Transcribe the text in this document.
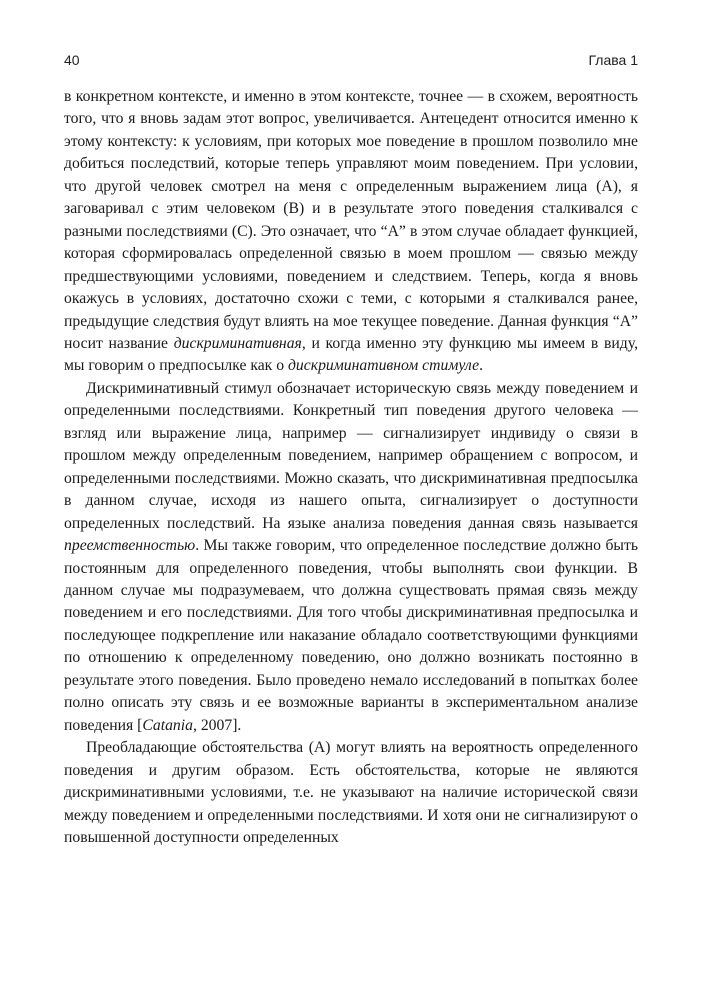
40	Глава 1

в конкретном контексте, и именно в этом контексте, точнее — в схожем, вероятность того, что я вновь задам этот вопрос, увеличивается. Антецедент относится именно к этому контексту: к условиям, при которых мое поведение в прошлом позволило мне добиться последствий, которые теперь управляют моим поведением. При условии, что другой человек смотрел на меня с определенным выражением лица (А), я заговаривал с этим человеком (В) и в результате этого поведения сталкивался с разными последствиями (С). Это означает, что “А” в этом случае обладает функцией, которая сформировалась определенной связью в моем прошлом — связью между предшествующими условиями, поведением и следствием. Теперь, когда я вновь окажусь в условиях, достаточно схожи с теми, с которыми я сталкивался ранее, предыдущие следствия будут влиять на мое текущее поведение. Данная функция “А” носит название дискриминативная, и когда именно эту функцию мы имеем в виду, мы говорим о предпосылке как о дискриминативном стимуле.

Дискриминативный стимул обозначает историческую связь между поведением и определенными последствиями. Конкретный тип поведения другого человека — взгляд или выражение лица, например — сигнализирует индивиду о связи в прошлом между определенным поведением, например обращением с вопросом, и определенными последствиями. Можно сказать, что дискриминативная предпосылка в данном случае, исходя из нашего опыта, сигнализирует о доступности определенных последствий. На языке анализа поведения данная связь называется преемственностью. Мы также говорим, что определенное последствие должно быть постоянным для определенного поведения, чтобы выполнять свои функции. В данном случае мы подразумеваем, что должна существовать прямая связь между поведением и его последствиями. Для того чтобы дискриминативная предпосылка и последующее подкрепление или наказание обладало соответствующими функциями по отношению к определенному поведению, оно должно возникать постоянно в результате этого поведения. Было проведено немало исследований в попытках более полно описать эту связь и ее возможные варианты в экспериментальном анализе поведения [Catania, 2007].

Преобладающие обстоятельства (А) могут влиять на вероятность определенного поведения и другим образом. Есть обстоятельства, которые не являются дискриминативными условиями, т.е. не указывают на наличие исторической связи между поведением и определенными последствиями. И хотя они не сигнализируют о повышенной доступности определенных
